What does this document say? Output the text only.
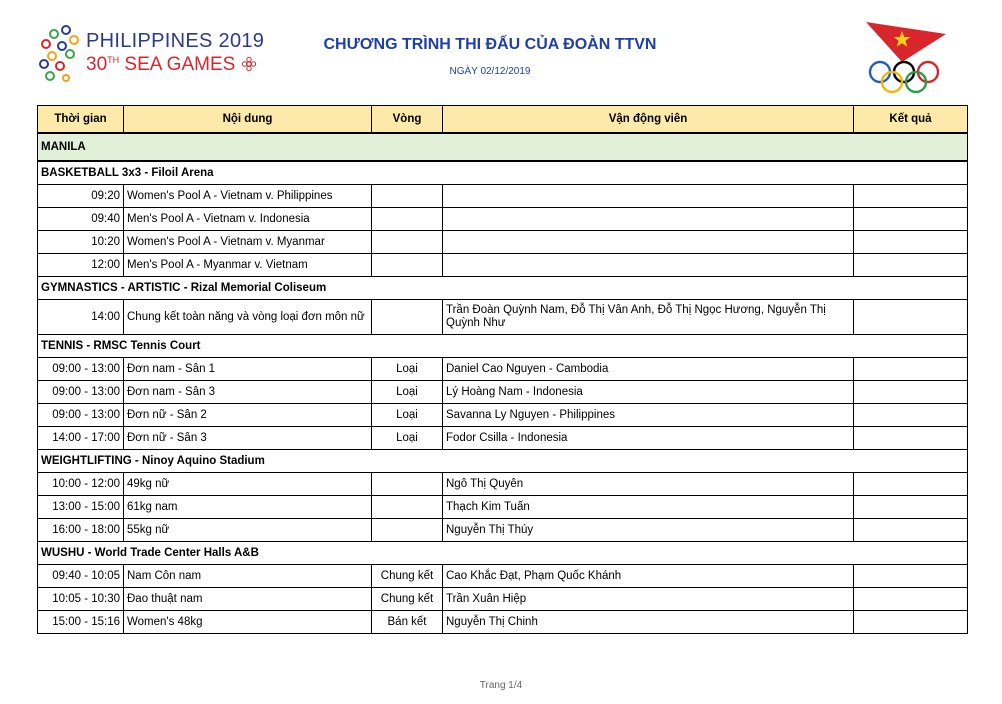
PHILIPPINES 2019
30TH SEA GAMES
CHƯƠNG TRÌNH THI ĐẤU CỦA ĐOÀN TTVN
NGÀY 02/12/2019
Thời gian	Nội dung	Vòng	Vận động viên	Kết quả
MANILA				
BASKETBALL 3x3 - Filoil Arena				
09:20	Women's Pool A - Vietnam v. Philippines			
09:40	Men's Pool A - Vietnam v. Indonesia			
10:20	Women's Pool A - Vietnam v. Myanmar			
12:00	Men's Pool A - Myanmar v. Vietnam			
GYMNASTICS - ARTISTIC - Rizal Memorial Coliseum				
14:00	Chung kết toàn năng và vòng loại đơn môn nữ		Trần Đoàn Quỳnh Nam, Đỗ Thị Vân Anh, Đỗ Thị Ngọc Hương, Nguyễn Thị Quỳnh Như	
TENNIS - RMSC Tennis Court				
09:00 - 13:00	Đơn nam - Sân 1	Loại	Daniel Cao Nguyen - Cambodia	
09:00 - 13:00	Đơn nam - Sân 3	Loại	Lý Hoàng Nam - Indonesia	
09:00 - 13:00	Đơn nữ - Sân 2	Loại	Savanna Ly Nguyen - Philippines	
14:00 - 17:00	Đơn nữ - Sân 3	Loại	Fodor Csilla - Indonesia	
WEIGHTLIFTING - Ninoy Aquino Stadium				
10:00 - 12:00	49kg nữ		Ngô Thị Quyên	
13:00 - 15:00	61kg nam		Thạch Kim Tuấn	
16:00 - 18:00	55kg nữ		Nguyễn Thị Thúy	
WUSHU - World Trade Center Halls A&B				
09:40 - 10:05	Nam Côn nam	Chung kết	Cao Khắc Đạt, Phạm Quốc Khánh	
10:05 - 10:30	Đao thuật nam	Chung kết	Trần Xuân Hiệp	
15:00 - 15:16	Women's 48kg	Bán kết	Nguyễn Thị Chinh	
Trang 1/4
